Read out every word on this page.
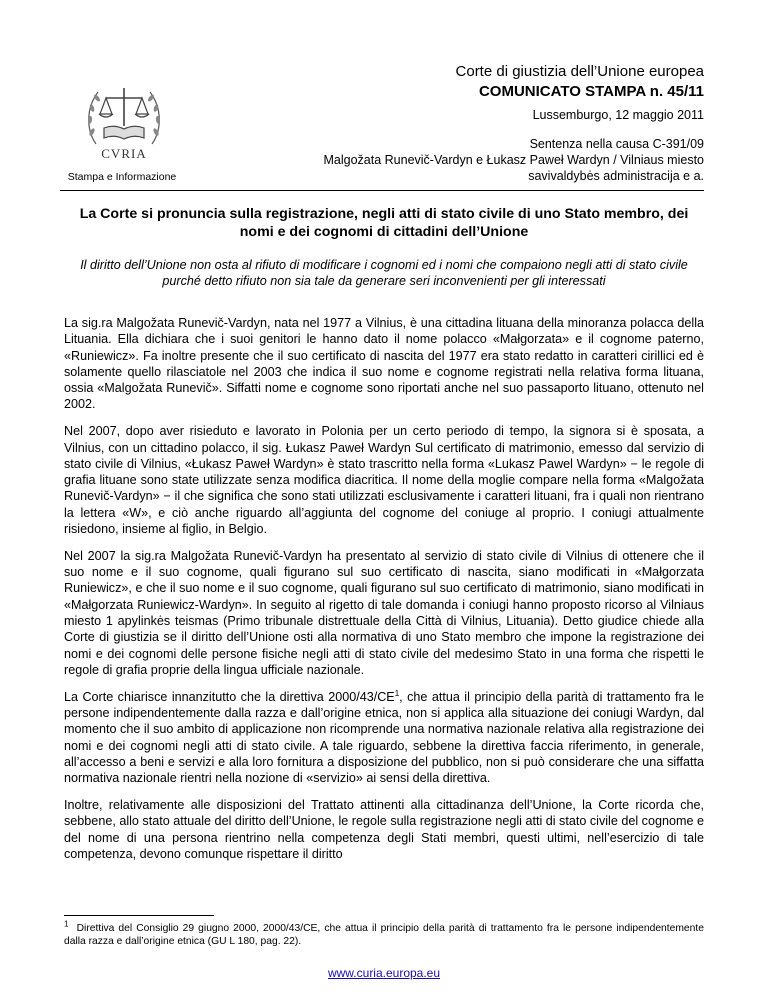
CVRIA
Stampa e Informazione
Corte di giustizia dell’Unione europea
COMUNICATO STAMPA n. 45/11
Lussemburgo, 12 maggio 2011
Sentenza nella causa C-391/09
Malgožata Runevič-Vardyn e Łukasz Paweł Wardyn / Vilniaus miesto
savivaldybės administracija e a.
La Corte si pronuncia sulla registrazione, negli atti di stato civile di uno Stato membro, dei nomi e dei cognomi di cittadini dell’Unione
Il diritto dell’Unione non osta al rifiuto di modificare i cognomi ed i nomi che compaiono negli atti di stato civile purché detto rifiuto non sia tale da generare seri inconvenienti per gli interessati

La sig.ra Malgožata Runevič-Vardyn, nata nel 1977 a Vilnius, è una cittadina lituana della minoranza polacca della Lituania. Ella dichiara che i suoi genitori le hanno dato il nome polacco «Małgorzata» e il cognome paterno, «Runiewicz». Fa inoltre presente che il suo certificato di nascita del 1977 era stato redatto in caratteri cirillici ed è solamente quello rilasciatole nel 2003 che indica il suo nome e cognome registrati nella relativa forma lituana, ossia «Malgožata Runevič». Siffatti nome e cognome sono riportati anche nel suo passaporto lituano, ottenuto nel 2002.

Nel 2007, dopo aver risieduto e lavorato in Polonia per un certo periodo di tempo, la signora si è sposata, a Vilnius, con un cittadino polacco, il sig. Łukasz Paweł Wardyn Sul certificato di matrimonio, emesso dal servizio di stato civile di Vilnius, «Łukasz Paweł Wardyn» è stato trascritto nella forma «Lukasz Pawel Wardyn» − le regole di grafia lituane sono state utilizzate senza modifica diacritica. Il nome della moglie compare nella forma «Malgožata Runevič-Vardyn» − il che significa che sono stati utilizzati esclusivamente i caratteri lituani, fra i quali non rientrano la lettera «W», e ciò anche riguardo all’aggiunta del cognome del coniuge al proprio. I coniugi attualmente risiedono, insieme al figlio, in Belgio.

Nel 2007 la sig.ra Malgožata Runevič-Vardyn ha presentato al servizio di stato civile di Vilnius di ottenere che il suo nome e il suo cognome, quali figurano sul suo certificato di nascita, siano modificati in «Małgorzata Runiewicz», e che il suo nome e il suo cognome, quali figurano sul suo certificato di matrimonio, siano modificati in «Małgorzata Runiewicz-Wardyn». In seguito al rigetto di tale domanda i coniugi hanno proposto ricorso al Vilniaus miesto 1 apylinkės teismas (Primo tribunale distrettuale della Città di Vilnius, Lituania). Detto giudice chiede alla Corte di giustizia se il diritto dell’Unione osti alla normativa di uno Stato membro che impone la registrazione dei nomi e dei cognomi delle persone fisiche negli atti di stato civile del medesimo Stato in una forma che rispetti le regole di grafia proprie della lingua ufficiale nazionale.

La Corte chiarisce innanzitutto che la direttiva $2000/43/CE^1$, che attua il principio della parità di trattamento fra le persone indipendentemente dalla razza e dall’origine etnica, non si applica alla situazione dei coniugi Wardyn, dal momento che il suo ambito di applicazione non ricomprende una normativa nazionale relativa alla registrazione dei nomi e dei cognomi negli atti di stato civile. A tale riguardo, sebbene la direttiva faccia riferimento, in generale, all’accesso a beni e servizi e alla loro fornitura a disposizione del pubblico, non si può considerare che una siffatta normativa nazionale rientri nella nozione di «servizio» ai sensi della direttiva.

Inoltre, relativamente alle disposizioni del Trattato attinenti alla cittadinanza dell’Unione, la Corte ricorda che, sebbene, allo stato attuale del diritto dell’Unione, le regole sulla registrazione negli atti di stato civile del cognome e del nome di una persona rientrino nella competenza degli Stati membri, questi ultimi, nell’esercizio di tale competenza, devono comunque rispettare il diritto

$^1$ Direttiva del Consiglio 29 giugno 2000, 2000/43/CE, che attua il principio della parità di trattamento fra le persone indipendentemente dalla razza e dall’origine etnica (GU L 180, pag. 22).
www.curia.europa.eu
